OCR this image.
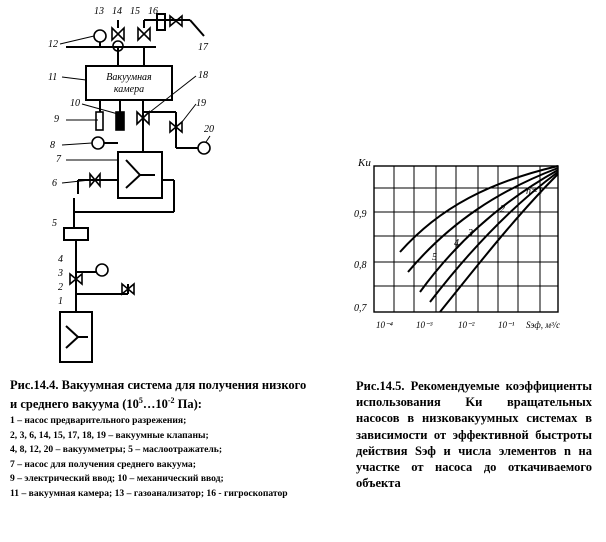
Вакуумная
камера
13 14 15 16
17
12
11	18
10
9
19
20
8
7
6
5
4
3
2
1
Kи
0,9
0,8
0,7
10⁻⁴	10⁻³	10⁻²	10⁻¹ Sэф, м³/с
n=1
2
3
4
5
Рис.14.4. Вакуумная система для получения низкого и среднего вакуума ($10^5\dots 10^{-2}$ Па):
1 – насос предварительного разрежения;
2, 3, 6, 14, 15, 17, 18, 19 – вакуумные клапаны;
4, 8, 12, 20 – вакуумметры; 5 – маслоотражатель;
7 – насос для получения среднего вакуума;
9 – электрический ввод; 10 – механический ввод;
11 – вакуумная камера; 13 – газоанализатор; 16 - гигроскопатор
Рис.14.5. Рекомендуемые коэффициенты использования Kи вращательных насосов в низковакуумных системах в зависимости от эффективной быстроты действия Sэф и числа элементов n на участке от насоса до откачиваемого объекта
